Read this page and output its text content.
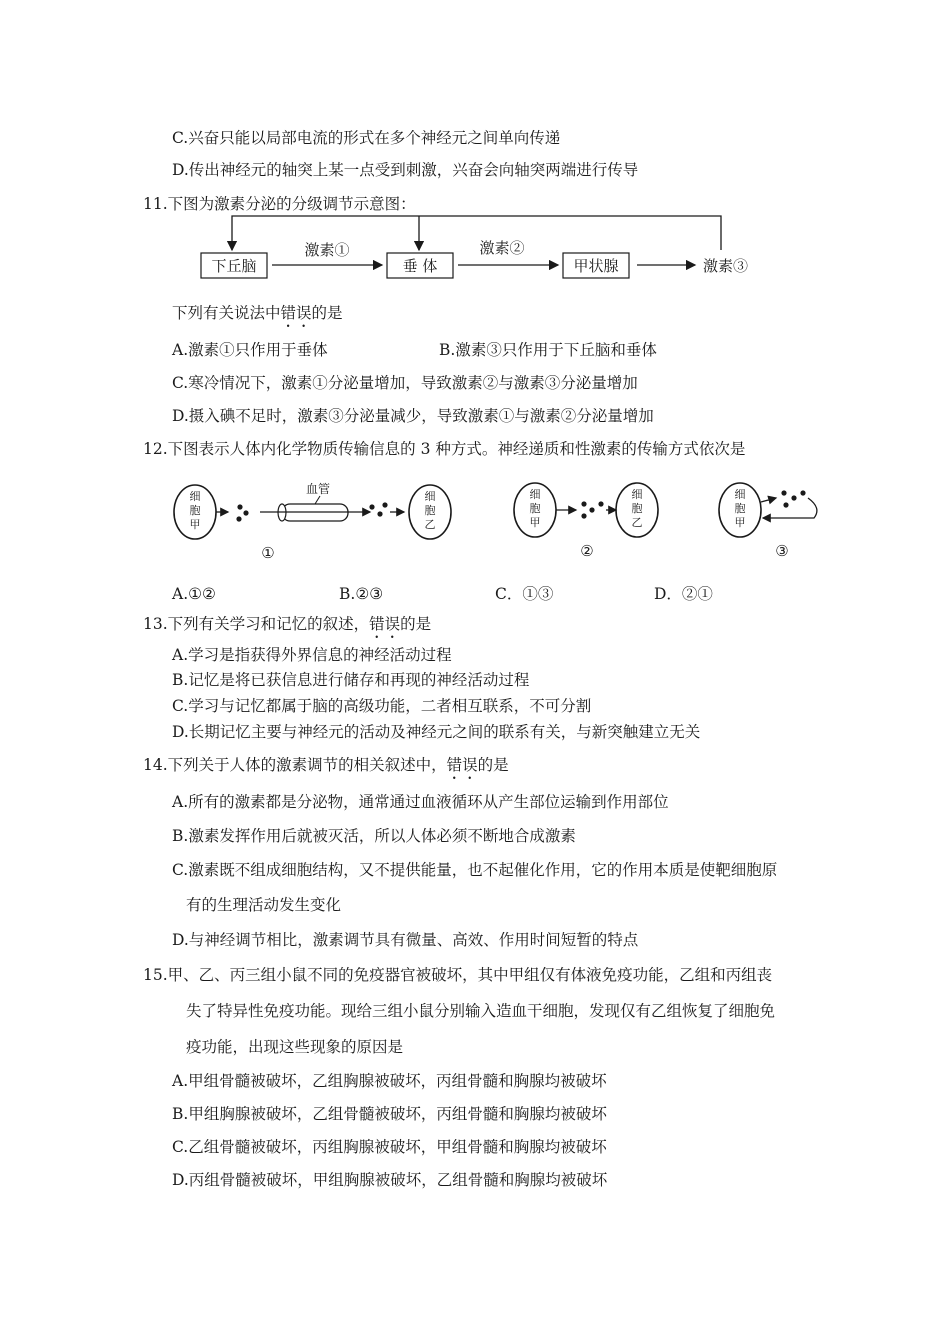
C.兴奋只能以局部电流的形式在多个神经元之间单向传递
D.传出神经元的轴突上某一点受到刺激，兴奋会向轴突两端进行传导
11.下图为激素分泌的分级调节示意图：
下丘脑	垂 体	甲状腺
激素①	激素②
激素③
下列有关说法中错误的是
A.激素①只作用于垂体	B.激素③只作用于下丘脑和垂体
C.寒冷情况下，激素①分泌量增加，导致激素②与激素③分泌量增加
D.摄入碘不足时，激素③分泌量减少，导致激素①与激素②分泌量增加
12.下图表示人体内化学物质传输信息的 3 种方式。神经递质和性激素的传输方式依次是
细
胞
甲
血管
细
胞
乙
①
细
胞
甲
细
胞
乙
②
细
胞
甲
③
A.①②	B.②③	C．①③	D．②①
13.下列有关学习和记忆的叙述，错误的是
A.学习是指获得外界信息的神经活动过程
B.记忆是将已获信息进行储存和再现的神经活动过程
C.学习与记忆都属于脑的高级功能，二者相互联系，不可分割
D.长期记忆主要与神经元的活动及神经元之间的联系有关，与新突触建立无关
14.下列关于人体的激素调节的相关叙述中，错误的是
A.所有的激素都是分泌物，通常通过血液循环从产生部位运输到作用部位
B.激素发挥作用后就被灭活，所以人体必须不断地合成激素
C.激素既不组成细胞结构，又不提供能量，也不起催化作用，它的作用本质是使靶细胞原
有的生理活动发生变化
D.与神经调节相比，激素调节具有微量、高效、作用时间短暂的特点
15.甲、乙、丙三组小鼠不同的免疫器官被破坏，其中甲组仅有体液免疫功能，乙组和丙组丧
失了特异性免疫功能。现给三组小鼠分别输入造血干细胞，发现仅有乙组恢复了细胞免
疫功能，出现这些现象的原因是
A.甲组骨髓被破坏，乙组胸腺被破坏，丙组骨髓和胸腺均被破坏
B.甲组胸腺被破坏，乙组骨髓被破坏，丙组骨髓和胸腺均被破坏
C.乙组骨髓被破坏，丙组胸腺被破坏，甲组骨髓和胸腺均被破坏
D.丙组骨髓被破坏，甲组胸腺被破坏，乙组骨髓和胸腺均被破坏
